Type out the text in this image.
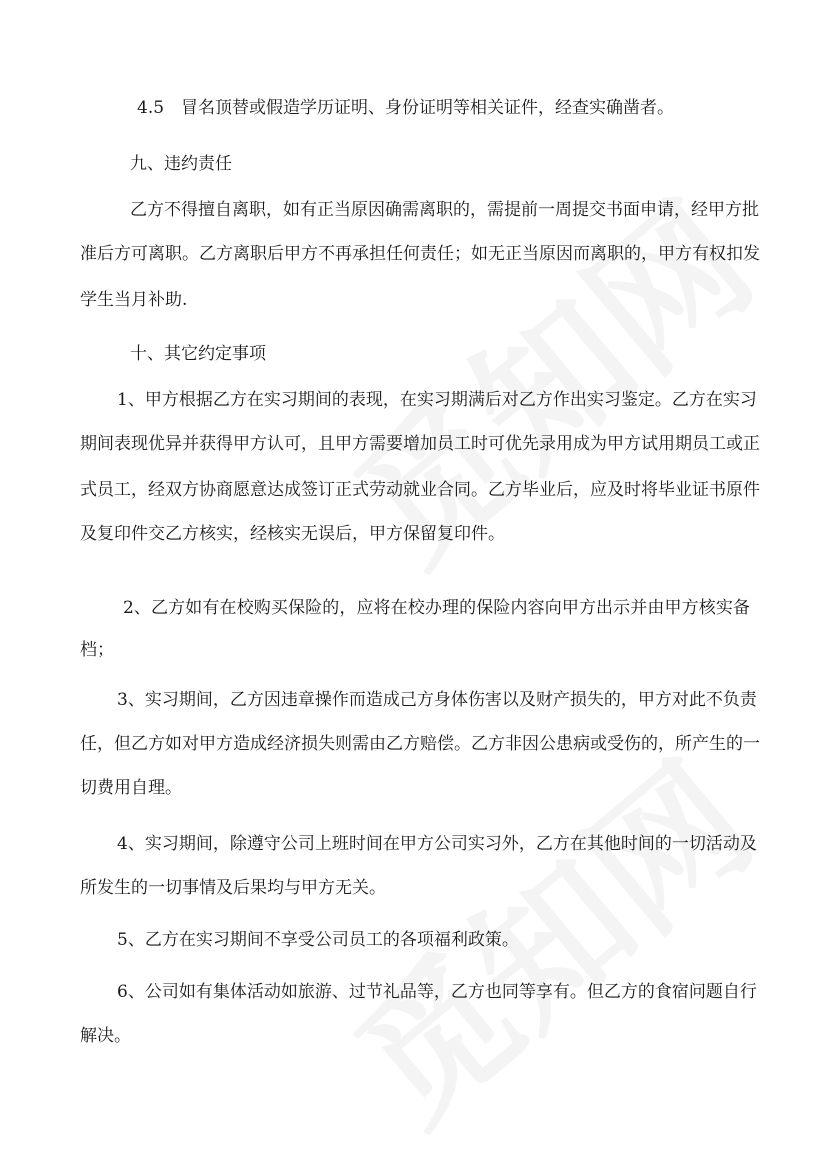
4.5　冒名顶替或假造学历证明、身份证明等相关证件，经查实确凿者。
九、违约责任
乙方不得擅自离职，如有正当原因确需离职的，需提前一周提交书面申请，经甲方批
准后方可离职。乙方离职后甲方不再承担任何责任；如无正当原因而离职的，甲方有权扣发
学生当月补助.
十、其它约定事项
1、甲方根据乙方在实习期间的表现，在实习期满后对乙方作出实习鉴定。乙方在实习
期间表现优异并获得甲方认可，且甲方需要增加员工时可优先录用成为甲方试用期员工或正
式员工，经双方协商愿意达成签订正式劳动就业合同。乙方毕业后，应及时将毕业证书原件
及复印件交乙方核实，经核实无误后，甲方保留复印件。
2、乙方如有在校购买保险的，应将在校办理的保险内容向甲方出示并由甲方核实备
档；
3、实习期间，乙方因违章操作而造成己方身体伤害以及财产损失的，甲方对此不负责
任，但乙方如对甲方造成经济损失则需由乙方赔偿。乙方非因公患病或受伤的，所产生的一
切费用自理。
4、实习期间，除遵守公司上班时间在甲方公司实习外，乙方在其他时间的一切活动及
所发生的一切事情及后果均与甲方无关。
5、乙方在实习期间不享受公司员工的各项福利政策。
6、公司如有集体活动如旅游、过节礼品等，乙方也同等享有。但乙方的食宿问题自行
解决。
